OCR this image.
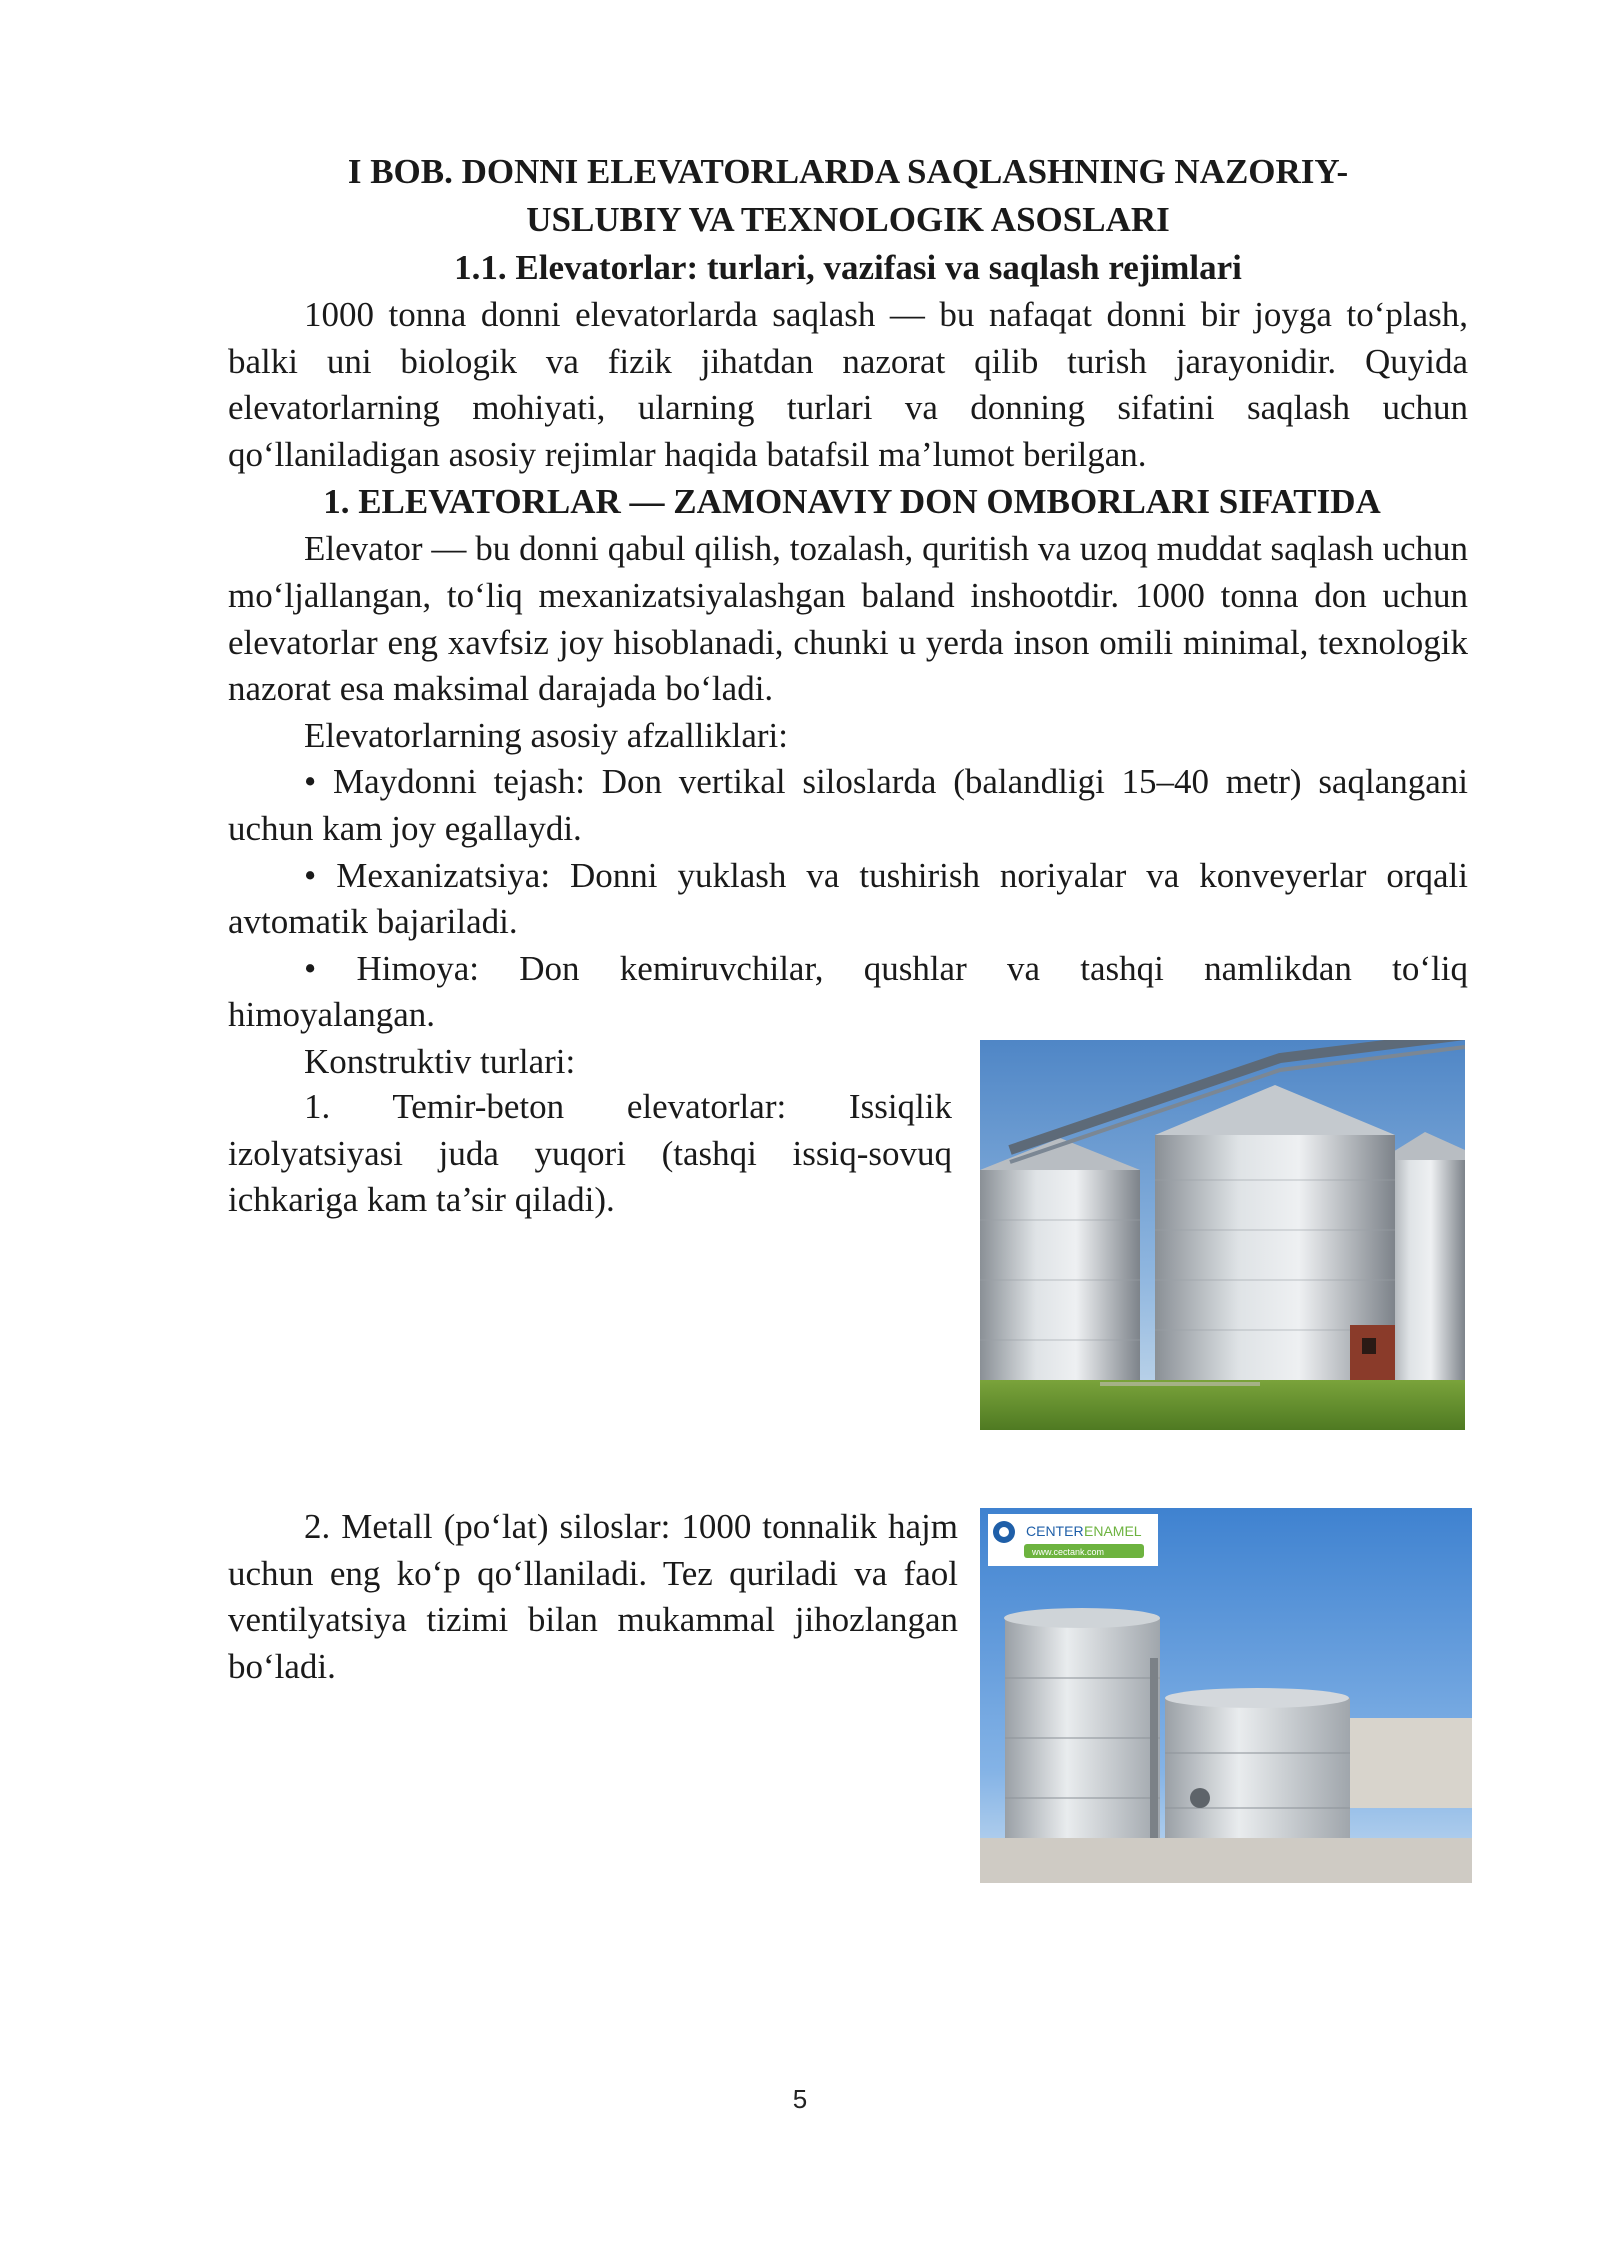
I BOB. DONNI ELEVATORLARDA SAQLASHNING NAZORIY-

USLUBIY VA TEXNOLOGIK ASOSLARI

1.1. Elevatorlar: turlari, vazifasi va saqlash rejimlari

1000 tonna donni elevatorlarda saqlash — bu nafaqat donni bir joyga to‘plash, balki uni biologik va fizik jihatdan nazorat qilib turish jarayonidir. Quyida elevatorlarning mohiyati, ularning turlari va donning sifatini saqlash uchun qo‘llaniladigan asosiy rejimlar haqida batafsil ma’lumot berilgan.

1. ELEVATORLAR — ZAMONAVIY DON OMBORLARI SIFATIDA

Elevator — bu donni qabul qilish, tozalash, quritish va uzoq muddat saqlash uchun mo‘ljallangan, to‘liq mexanizatsiyalashgan baland inshootdir. 1000 tonna don uchun elevatorlar eng xavfsiz joy hisoblanadi, chunki u yerda inson omili minimal, texnologik nazorat esa maksimal darajada bo‘ladi.

Elevatorlarning asosiy afzalliklari:

• Maydonni tejash: Don vertikal siloslarda (balandligi 15–40 metr) saqlangani uchun kam joy egallaydi.

• Mexanizatsiya: Donni yuklash va tushirish noriyalar va konveyerlar orqali avtomatik bajariladi.

• Himoya: Don kemiruvchilar, qushlar va tashqi namlikdan to‘liq himoyalangan.

Konstruktiv turlari:

1. Temir-beton elevatorlar: Issiqlik izolyatsiyasi juda yuqori (tashqi issiq-sovuq ichkariga kam ta’sir qiladi).

2. Metall (po‘lat) siloslar: 1000 tonnalik hajm uchun eng ko‘p qo‘llaniladi. Tez quriladi va faol ventilyatsiya tizimi bilan mukammal jihozlangan bo‘ladi.

CENTER ENAMEL
www.cectank.com
5
